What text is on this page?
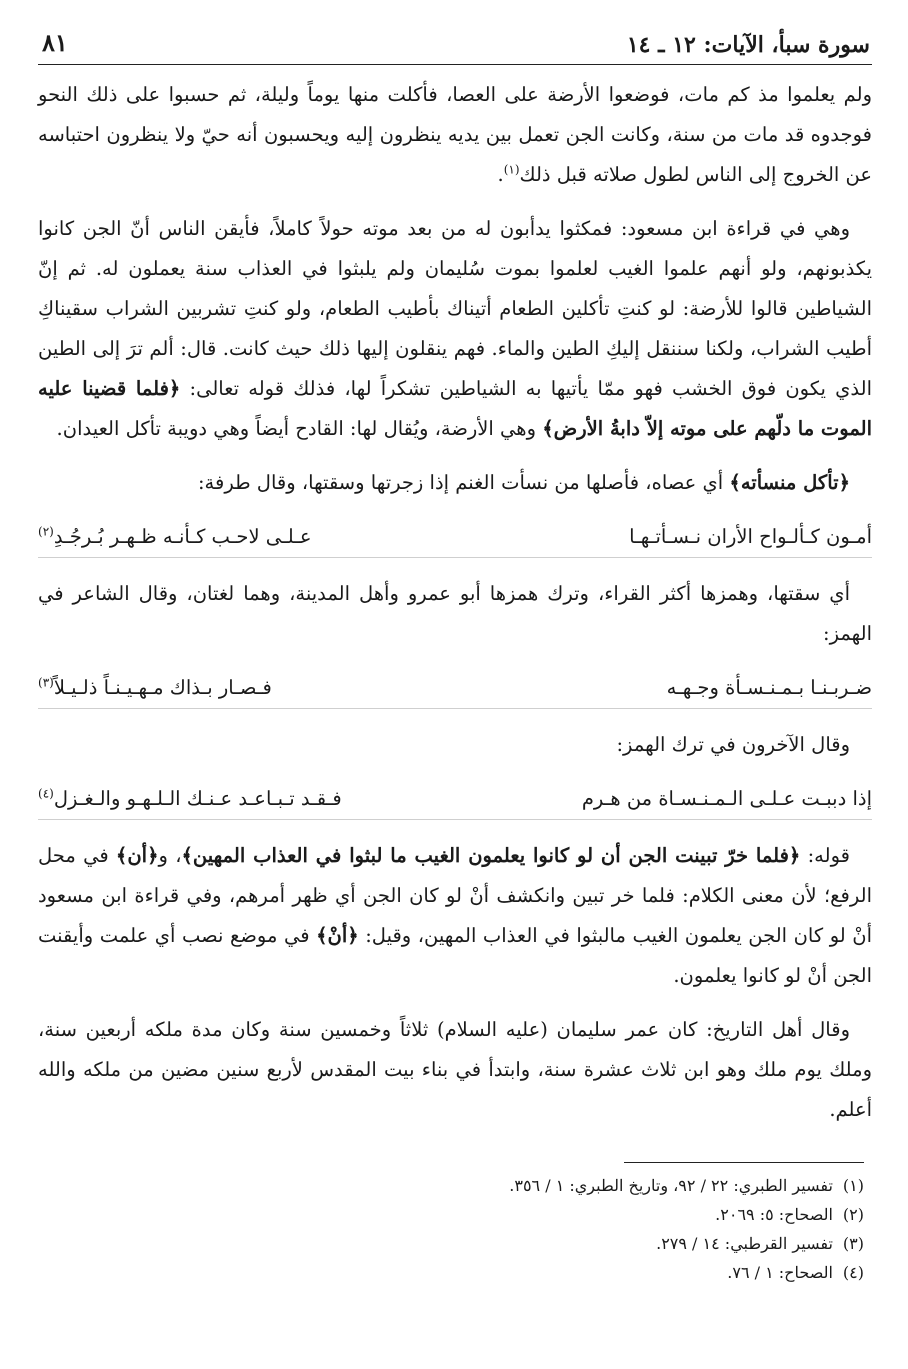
سورة سبأ، الآيات: ١٢ ـ ١٤
٨١

ولم يعلموا مذ كم مات، فوضعوا الأرضة على العصا، فأكلت منها يوماً وليلة، ثم حسبوا على ذلك النحو فوجدوه قد مات من سنة، وكانت الجن تعمل بين يديه ينظرون إليه ويحسبون أنه حيّ ولا ينظرون احتباسه عن الخروج إلى الناس لطول صلاته قبل ذلك$^{(١)}$.

وهي في قراءة ابن مسعود: فمكثوا يدأبون له من بعد موته حولاً كاملاً، فأيقن الناس أنّ الجن كانوا يكذبونهم، ولو أنهم علموا الغيب لعلموا بموت سُليمان ولم يلبثوا في العذاب سنة يعملون له. ثم إنّ الشياطين قالوا للأرضة: لو كنتِ تأكلين الطعام أتيناك بأطيب الطعام، ولو كنتِ تشربين الشراب سقيناكِ أطيب الشراب، ولكنا سننقل إليكِ الطين والماء. فهم ينقلون إليها ذلك حيث كانت. قال: ألم ترَ إلى الطين الذي يكون فوق الخشب فهو ممّا يأتيها به الشياطين تشكراً لها، فذلك قوله تعالى: ﴿فلما قضينا عليه الموت ما دلّهم على موته إلاّ دابةُ الأرض﴾ وهي الأرضة، ويُقال لها: القادح أيضاً وهي دويبة تأكل العيدان.

﴿تأكل منسأته﴾ أي عصاه، فأصلها من نسأت الغنم إذا زجرتها وسقتها، وقال طرفة:

أمـون كـألـواح الأران نـسـأتـهـا
عـلـى لاحـب كـأنـه ظـهـر بُـرجُـدِ$^{(٢)}$

أي سقتها، وهمزها أكثر القراء، وترك همزها أبو عمرو وأهل المدينة، وهما لغتان، وقال الشاعر في الهمز:

ضـربـنـا بـمـنـسـأة وجـهـه
فـصـار بـذاك مـهـيـنـاً ذلـيـلاً$^{(٣)}$

وقال الآخرون في ترك الهمز:

إذا دببـت عـلـى الـمـنـسـاة من هـرم
فـقـد تـبـاعـد عـنـك الـلـهـو والـغـزل$^{(٤)}$

قوله: ﴿فلما خرّ تبينت الجن أن لو كانوا يعلمون الغيب ما لبثوا في العذاب المهين﴾، و﴿أن﴾ في محل الرفع؛ لأن معنى الكلام: فلما خر تبين وانكشف أنْ لو كان الجن أي ظهر أمرهم، وفي قراءة ابن مسعود أنْ لو كان الجن يعلمون الغيب مالبثوا في العذاب المهين، وقيل: ﴿أنْ﴾ في موضع نصب أي علمت وأيقنت الجن أنْ لو كانوا يعلمون.

وقال أهل التاريخ: كان عمر سليمان (عليه السلام) ثلاثاً وخمسين سنة وكان مدة ملكه أربعين سنة، وملك يوم ملك وهو ابن ثلاث عشرة سنة، وابتدأ في بناء بيت المقدس لأربع سنين مضين من ملكه والله أعلم.

(١)
تفسير الطبري: ٢٢ / ٩٢، وتاريخ الطبري: ١ / ٣٥٦.
(٢)
الصحاح: ٥: ٢٠٦٩.
(٣)
تفسير القرطبي: ١٤ / ٢٧٩.
(٤)
الصحاح: ١ / ٧٦.
